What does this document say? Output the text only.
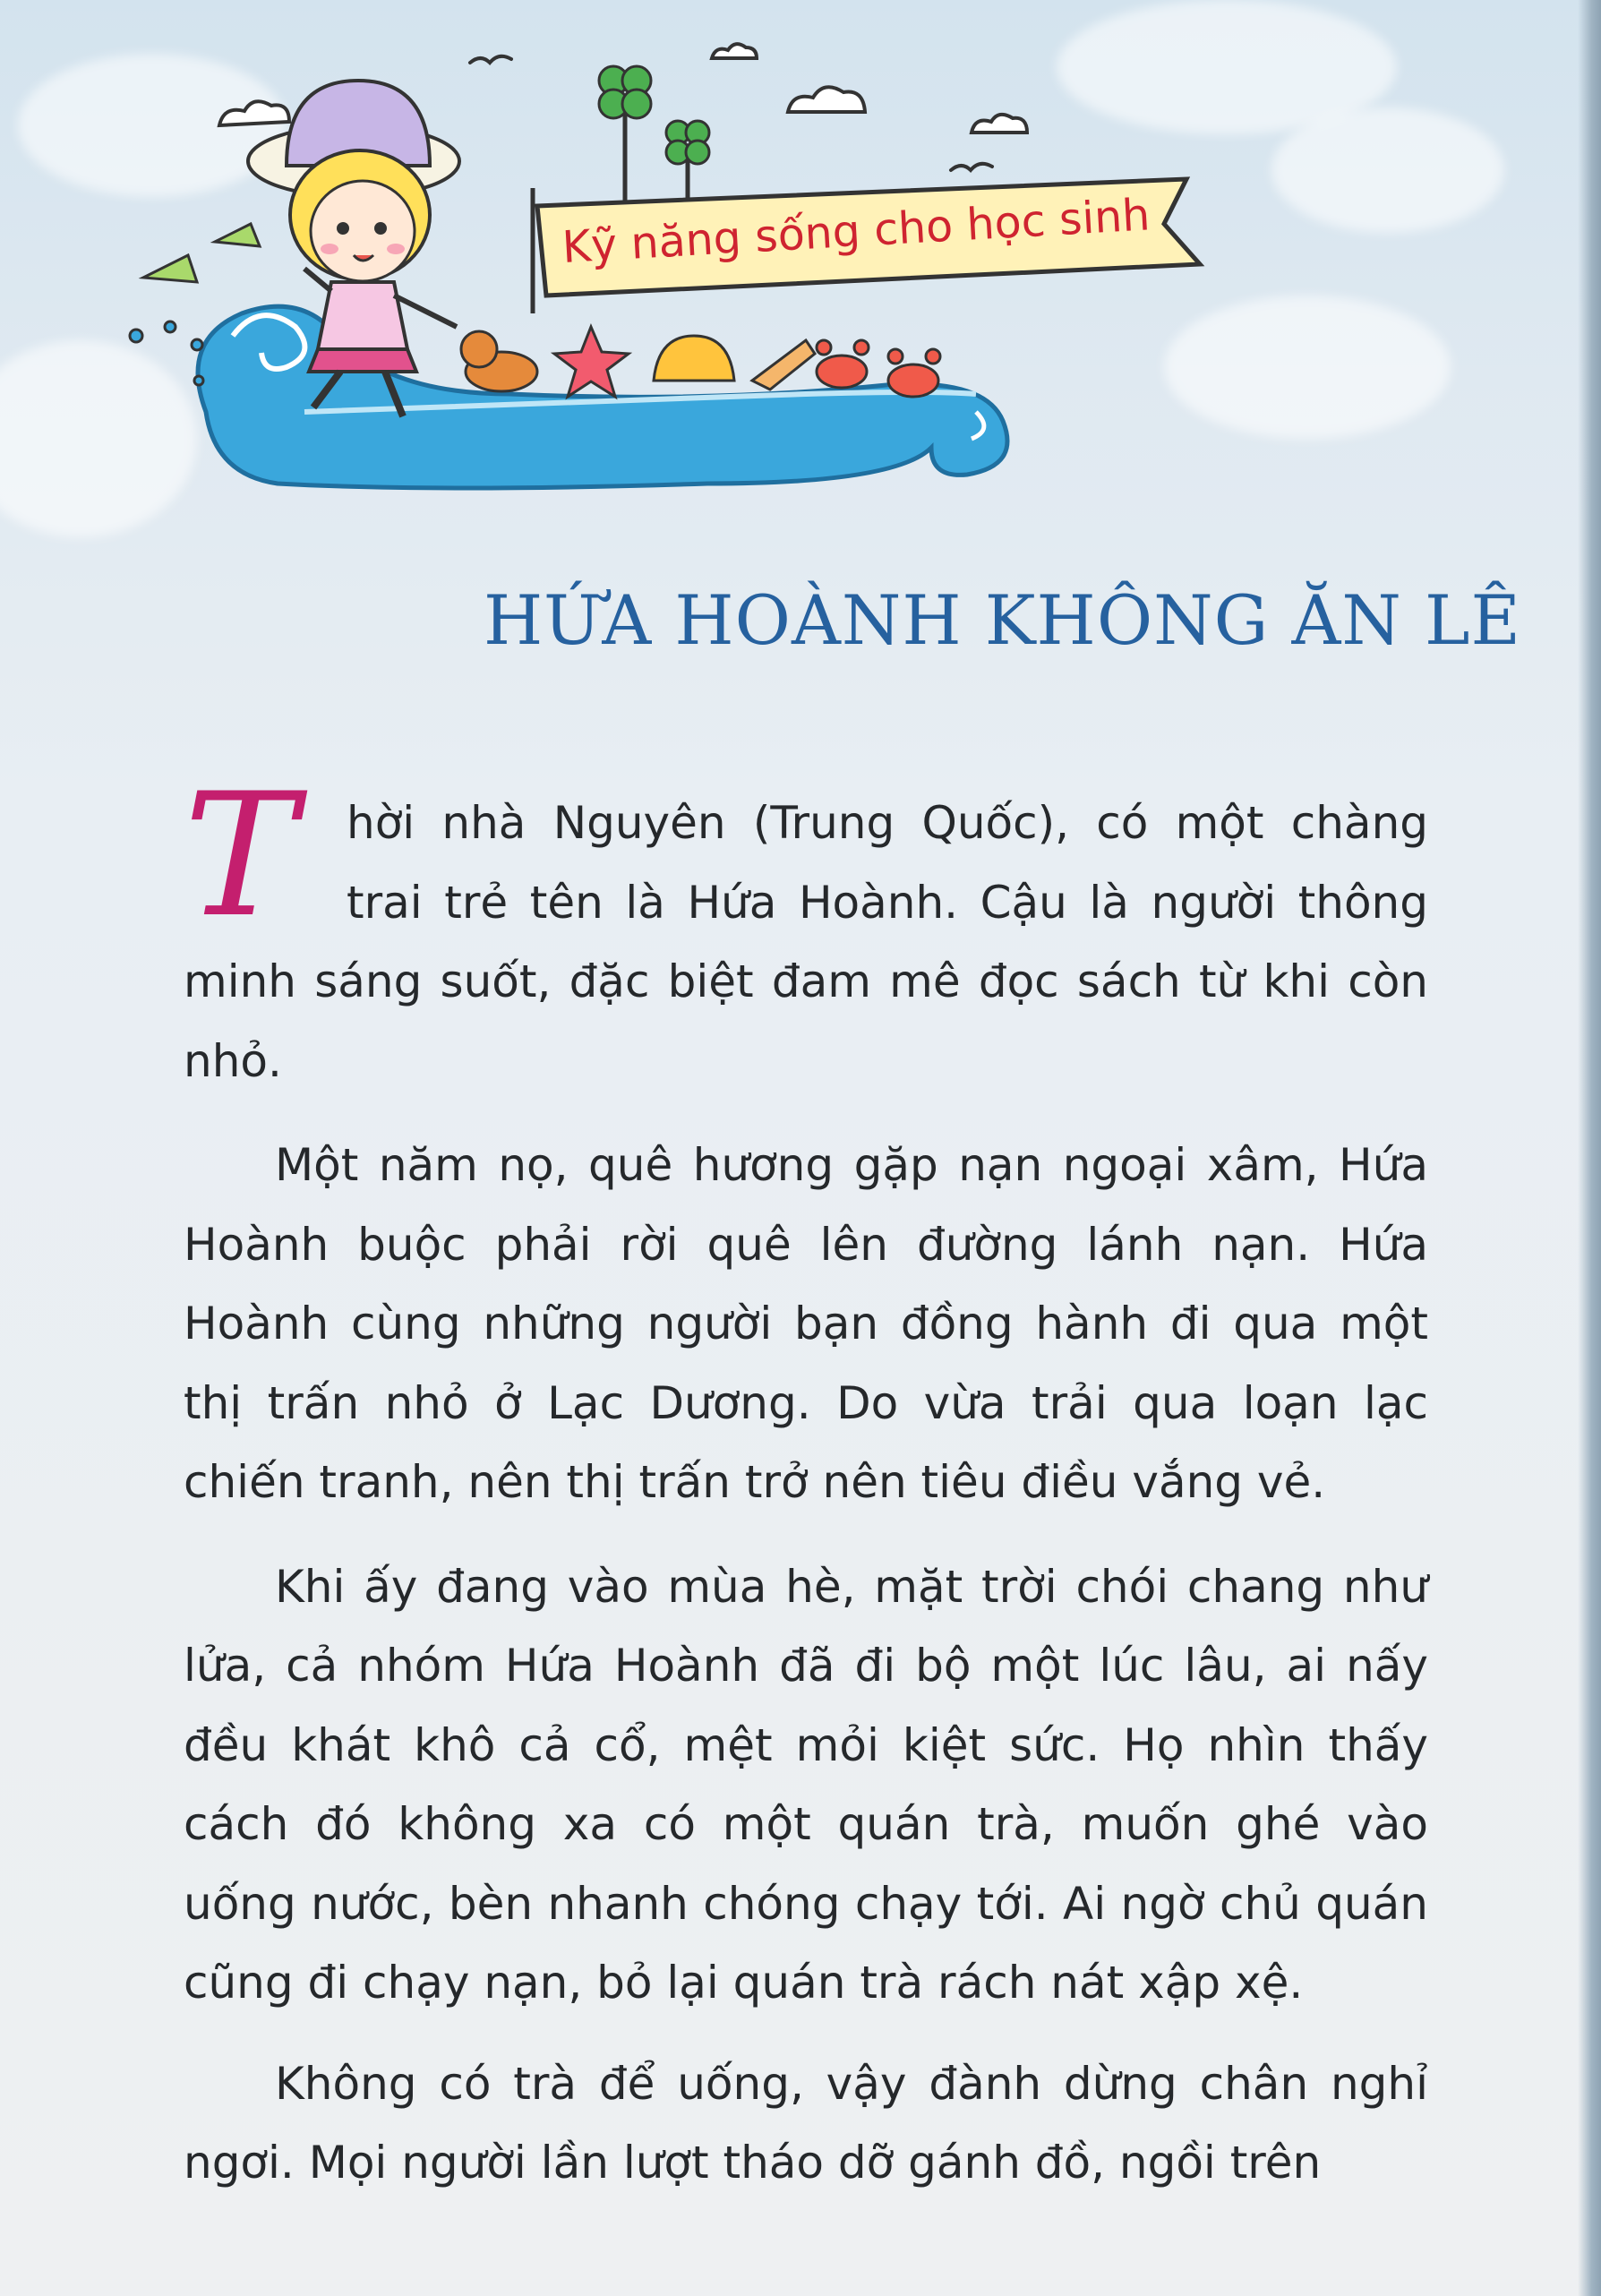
Kỹ năng sống cho học sinh
HỨA HOÀNH KHÔNG ĂN LÊ

T	hời nhà Nguyên (Trung Quốc), có một chàng trai trẻ tên là Hứa Hoành. Cậu là người thông minh sáng suốt, đặc biệt đam mê đọc sách từ khi còn nhỏ.

Một năm nọ, quê hương gặp nạn ngoại xâm, Hứa Hoành buộc phải rời quê lên đường lánh nạn. Hứa Hoành cùng những người bạn đồng hành đi qua một thị trấn nhỏ ở Lạc Dương. Do vừa trải qua loạn lạc chiến tranh, nên thị trấn trở nên tiêu điều vắng vẻ.

Khi ấy đang vào mùa hè, mặt trời chói chang như lửa, cả nhóm Hứa Hoành đã đi bộ một lúc lâu, ai nấy đều khát khô cả cổ, mệt mỏi kiệt sức. Họ nhìn thấy cách đó không xa có một quán trà, muốn ghé vào uống nước, bèn nhanh chóng chạy tới. Ai ngờ chủ quán cũng đi chạy nạn, bỏ lại quán trà rách nát xập xệ.

Không có trà để uống, vậy đành dừng chân nghỉ ngơi. Mọi người lần lượt tháo dỡ gánh đồ, ngồi trên
